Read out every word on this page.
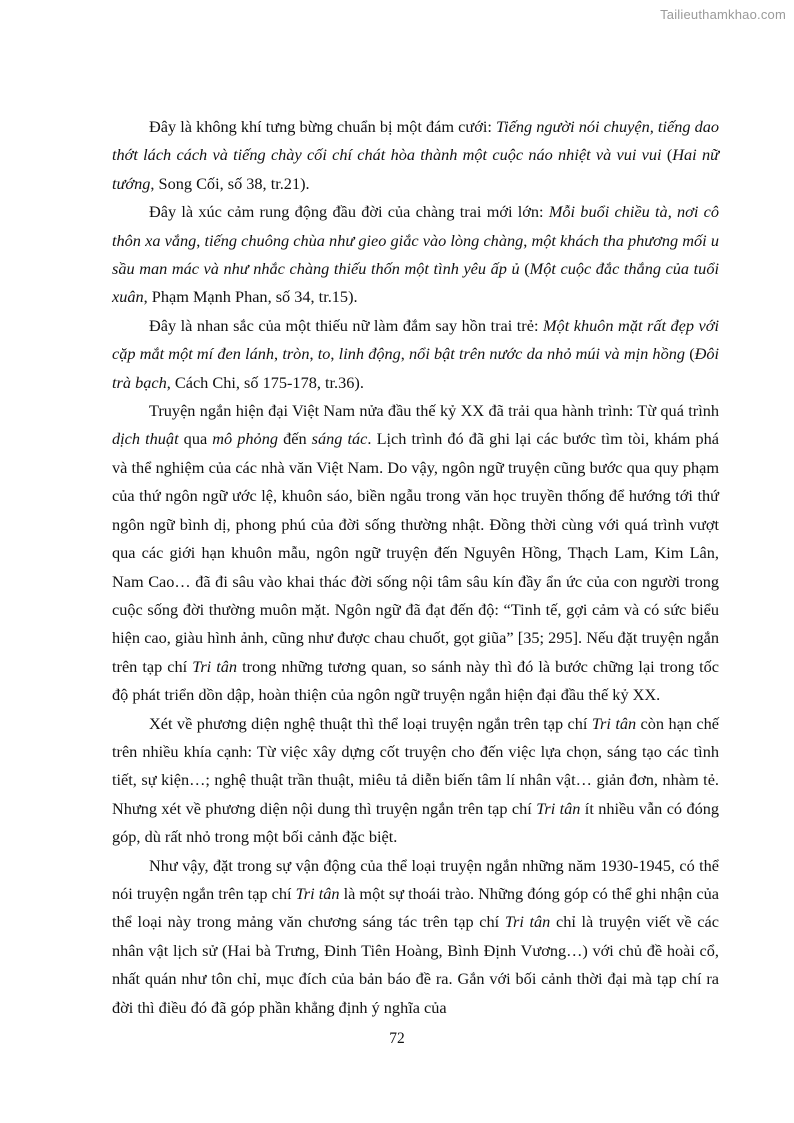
Tailieuthamkhao.com

Đây là không khí tưng bừng chuẩn bị một đám cưới: Tiếng người nói chuyện, tiếng dao thớt lách cách và tiếng chày cối chí chát hòa thành một cuộc náo nhiệt và vui vui (Hai nữ tướng, Song Cối, số 38, tr.21).

Đây là xúc cảm rung động đầu đời của chàng trai mới lớn: Mỗi buổi chiều tà, nơi cô thôn xa vắng, tiếng chuông chùa như gieo giắc vào lòng chàng, một khách tha phương mối u sầu man mác và như nhắc chàng thiếu thốn một tình yêu ấp ủ (Một cuộc đắc thắng của tuổi xuân, Phạm Mạnh Phan, số 34, tr.15).

Đây là nhan sắc của một thiếu nữ làm đắm say hồn trai trẻ: Một khuôn mặt rất đẹp với cặp mắt một mí đen lánh, tròn, to, linh động, nổi bật trên nước da nhỏ múi và mịn hồng (Đôi trà bạch, Cách Chi, số 175-178, tr.36).

Truyện ngắn hiện đại Việt Nam nửa đầu thế kỷ XX đã trải qua hành trình: Từ quá trình dịch thuật qua mô phỏng đến sáng tác. Lịch trình đó đã ghi lại các bước tìm tòi, khám phá và thể nghiệm của các nhà văn Việt Nam. Do vậy, ngôn ngữ truyện cũng bước qua quy phạm của thứ ngôn ngữ ước lệ, khuôn sáo, biền ngẫu trong văn học truyền thống để hướng tới thứ ngôn ngữ bình dị, phong phú của đời sống thường nhật. Đồng thời cùng với quá trình vượt qua các giới hạn khuôn mẫu, ngôn ngữ truyện đến Nguyên Hồng, Thạch Lam, Kim Lân, Nam Cao… đã đi sâu vào khai thác đời sống nội tâm sâu kín đầy ẩn ức của con người trong cuộc sống đời thường muôn mặt. Ngôn ngữ đã đạt đến độ: “Tinh tế, gợi cảm và có sức biểu hiện cao, giàu hình ảnh, cũng như được chau chuốt, gọt giũa” [35; 295]. Nếu đặt truyện ngắn trên tạp chí Tri tân trong những tương quan, so sánh này thì đó là bước chững lại trong tốc độ phát triển dồn dập, hoàn thiện của ngôn ngữ truyện ngắn hiện đại đầu thế kỷ XX.

Xét về phương diện nghệ thuật thì thể loại truyện ngắn trên tạp chí Tri tân còn hạn chế trên nhiều khía cạnh: Từ việc xây dựng cốt truyện cho đến việc lựa chọn, sáng tạo các tình tiết, sự kiện…; nghệ thuật trần thuật, miêu tả diễn biến tâm lí nhân vật… giản đơn, nhàm tẻ. Nhưng xét về phương diện nội dung thì truyện ngắn trên tạp chí Tri tân ít nhiều vẫn có đóng góp, dù rất nhỏ trong một bối cảnh đặc biệt.

Như vậy, đặt trong sự vận động của thể loại truyện ngắn những năm 1930-1945, có thể nói truyện ngắn trên tạp chí Tri tân là một sự thoái trào. Những đóng góp có thể ghi nhận của thể loại này trong mảng văn chương sáng tác trên tạp chí Tri tân chỉ là truyện viết về các nhân vật lịch sử (Hai bà Trưng, Đinh Tiên Hoàng, Bình Định Vương…) với chủ đề hoài cổ, nhất quán như tôn chỉ, mục đích của bản báo đề ra. Gắn với bối cảnh thời đại mà tạp chí ra đời thì điều đó đã góp phần khẳng định ý nghĩa của

72
